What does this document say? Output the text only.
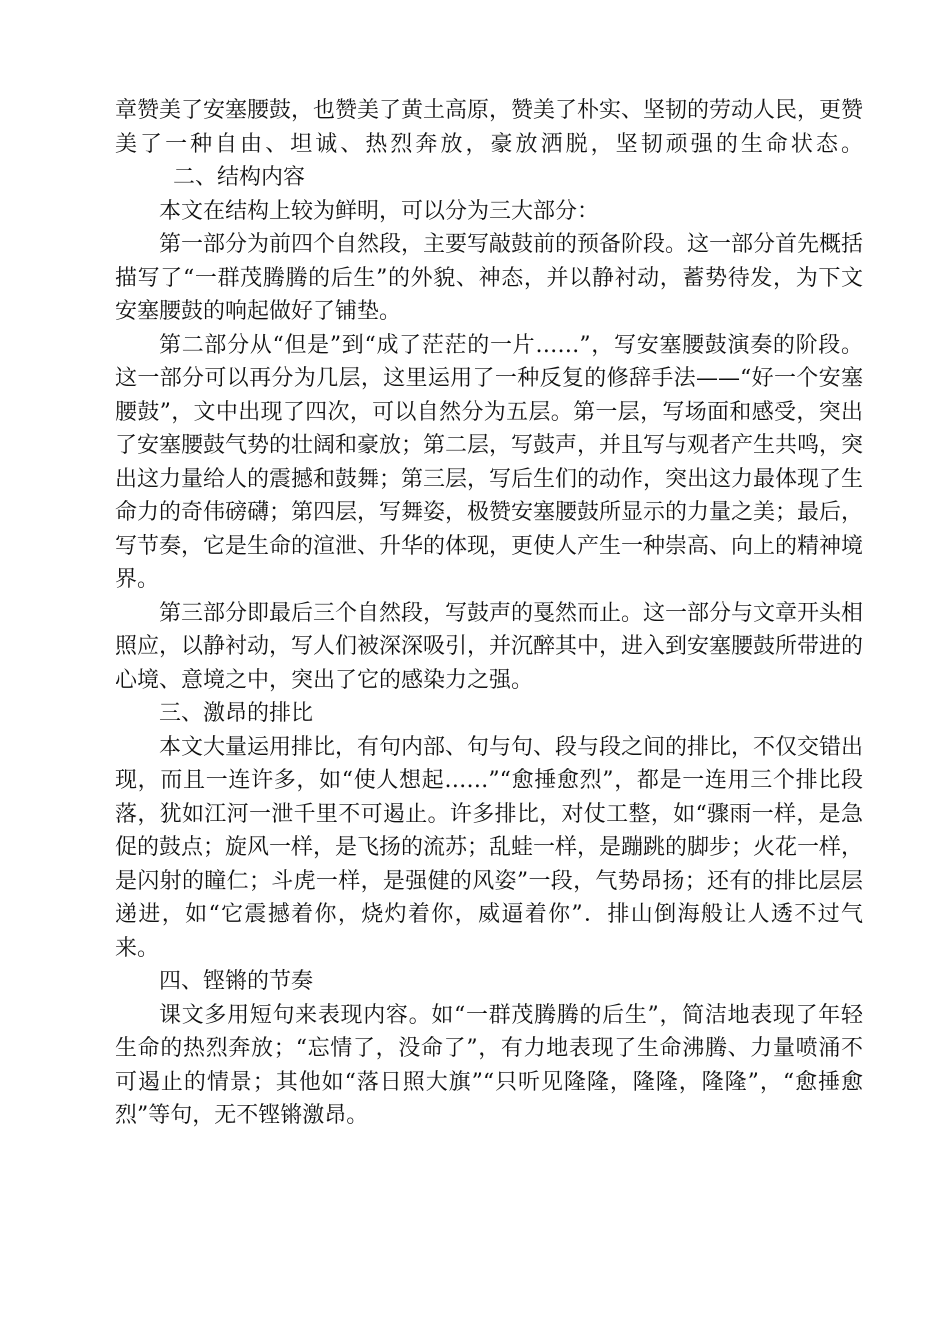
章赞美了安塞腰鼓，也赞美了黄土高原，赞美了朴实、坚韧的劳动人民，更赞美了一种自由、坦诚、热烈奔放，豪放洒脱，坚韧顽强的生命状态。二、结构内容

本文在结构上较为鲜明，可以分为三大部分：

第一部分为前四个自然段，主要写敲鼓前的预备阶段。这一部分首先概括描写了“一群茂腾腾的后生”的外貌、神态，并以静衬动，蓄势待发，为下文安塞腰鼓的响起做好了铺垫。

第二部分从“但是”到“成了茫茫的一片……”，写安塞腰鼓演奏的阶段。这一部分可以再分为几层，这里运用了一种反复的修辞手法——“好一个安塞腰鼓”，文中出现了四次，可以自然分为五层。第一层，写场面和感受，突出了安塞腰鼓气势的壮阔和豪放；第二层，写鼓声，并且写与观者产生共鸣，突出这力量给人的震撼和鼓舞；第三层，写后生们的动作，突出这力最体现了生命力的奇伟磅礴；第四层，写舞姿，极赞安塞腰鼓所显示的力量之美；最后，写节奏，它是生命的渲泄、升华的体现，更使人产生一种崇高、向上的精神境界。

第三部分即最后三个自然段，写鼓声的戛然而止。这一部分与文章开头相照应，以静衬动，写人们被深深吸引，并沉醉其中，进入到安塞腰鼓所带进的心境、意境之中，突出了它的感染力之强。

三、激昂的排比

本文大量运用排比，有句内部、句与句、段与段之间的排比，不仅交错出现，而且一连许多，如“使人想起……”“愈捶愈烈”，都是一连用三个排比段落，犹如江河一泄千里不可遏止。许多排比，对仗工整，如“骤雨一样，是急促的鼓点；旋风一样，是飞扬的流苏；乱蛙一样，是蹦跳的脚步；火花一样，是闪射的瞳仁；斗虎一样，是强健的风姿”一段，气势昂扬；还有的排比层层递进，如“它震撼着你，烧灼着你，威逼着你”．排山倒海般让人透不过气来。

四、铿锵的节奏

课文多用短句来表现内容。如“一群茂腾腾的后生”，简洁地表现了年轻生命的热烈奔放；“忘情了，没命了”，有力地表现了生命沸腾、力量喷涌不可遏止的情景；其他如“落日照大旗”“只听见隆隆，隆隆，隆隆”，“愈捶愈烈”等句，无不铿锵激昂。
